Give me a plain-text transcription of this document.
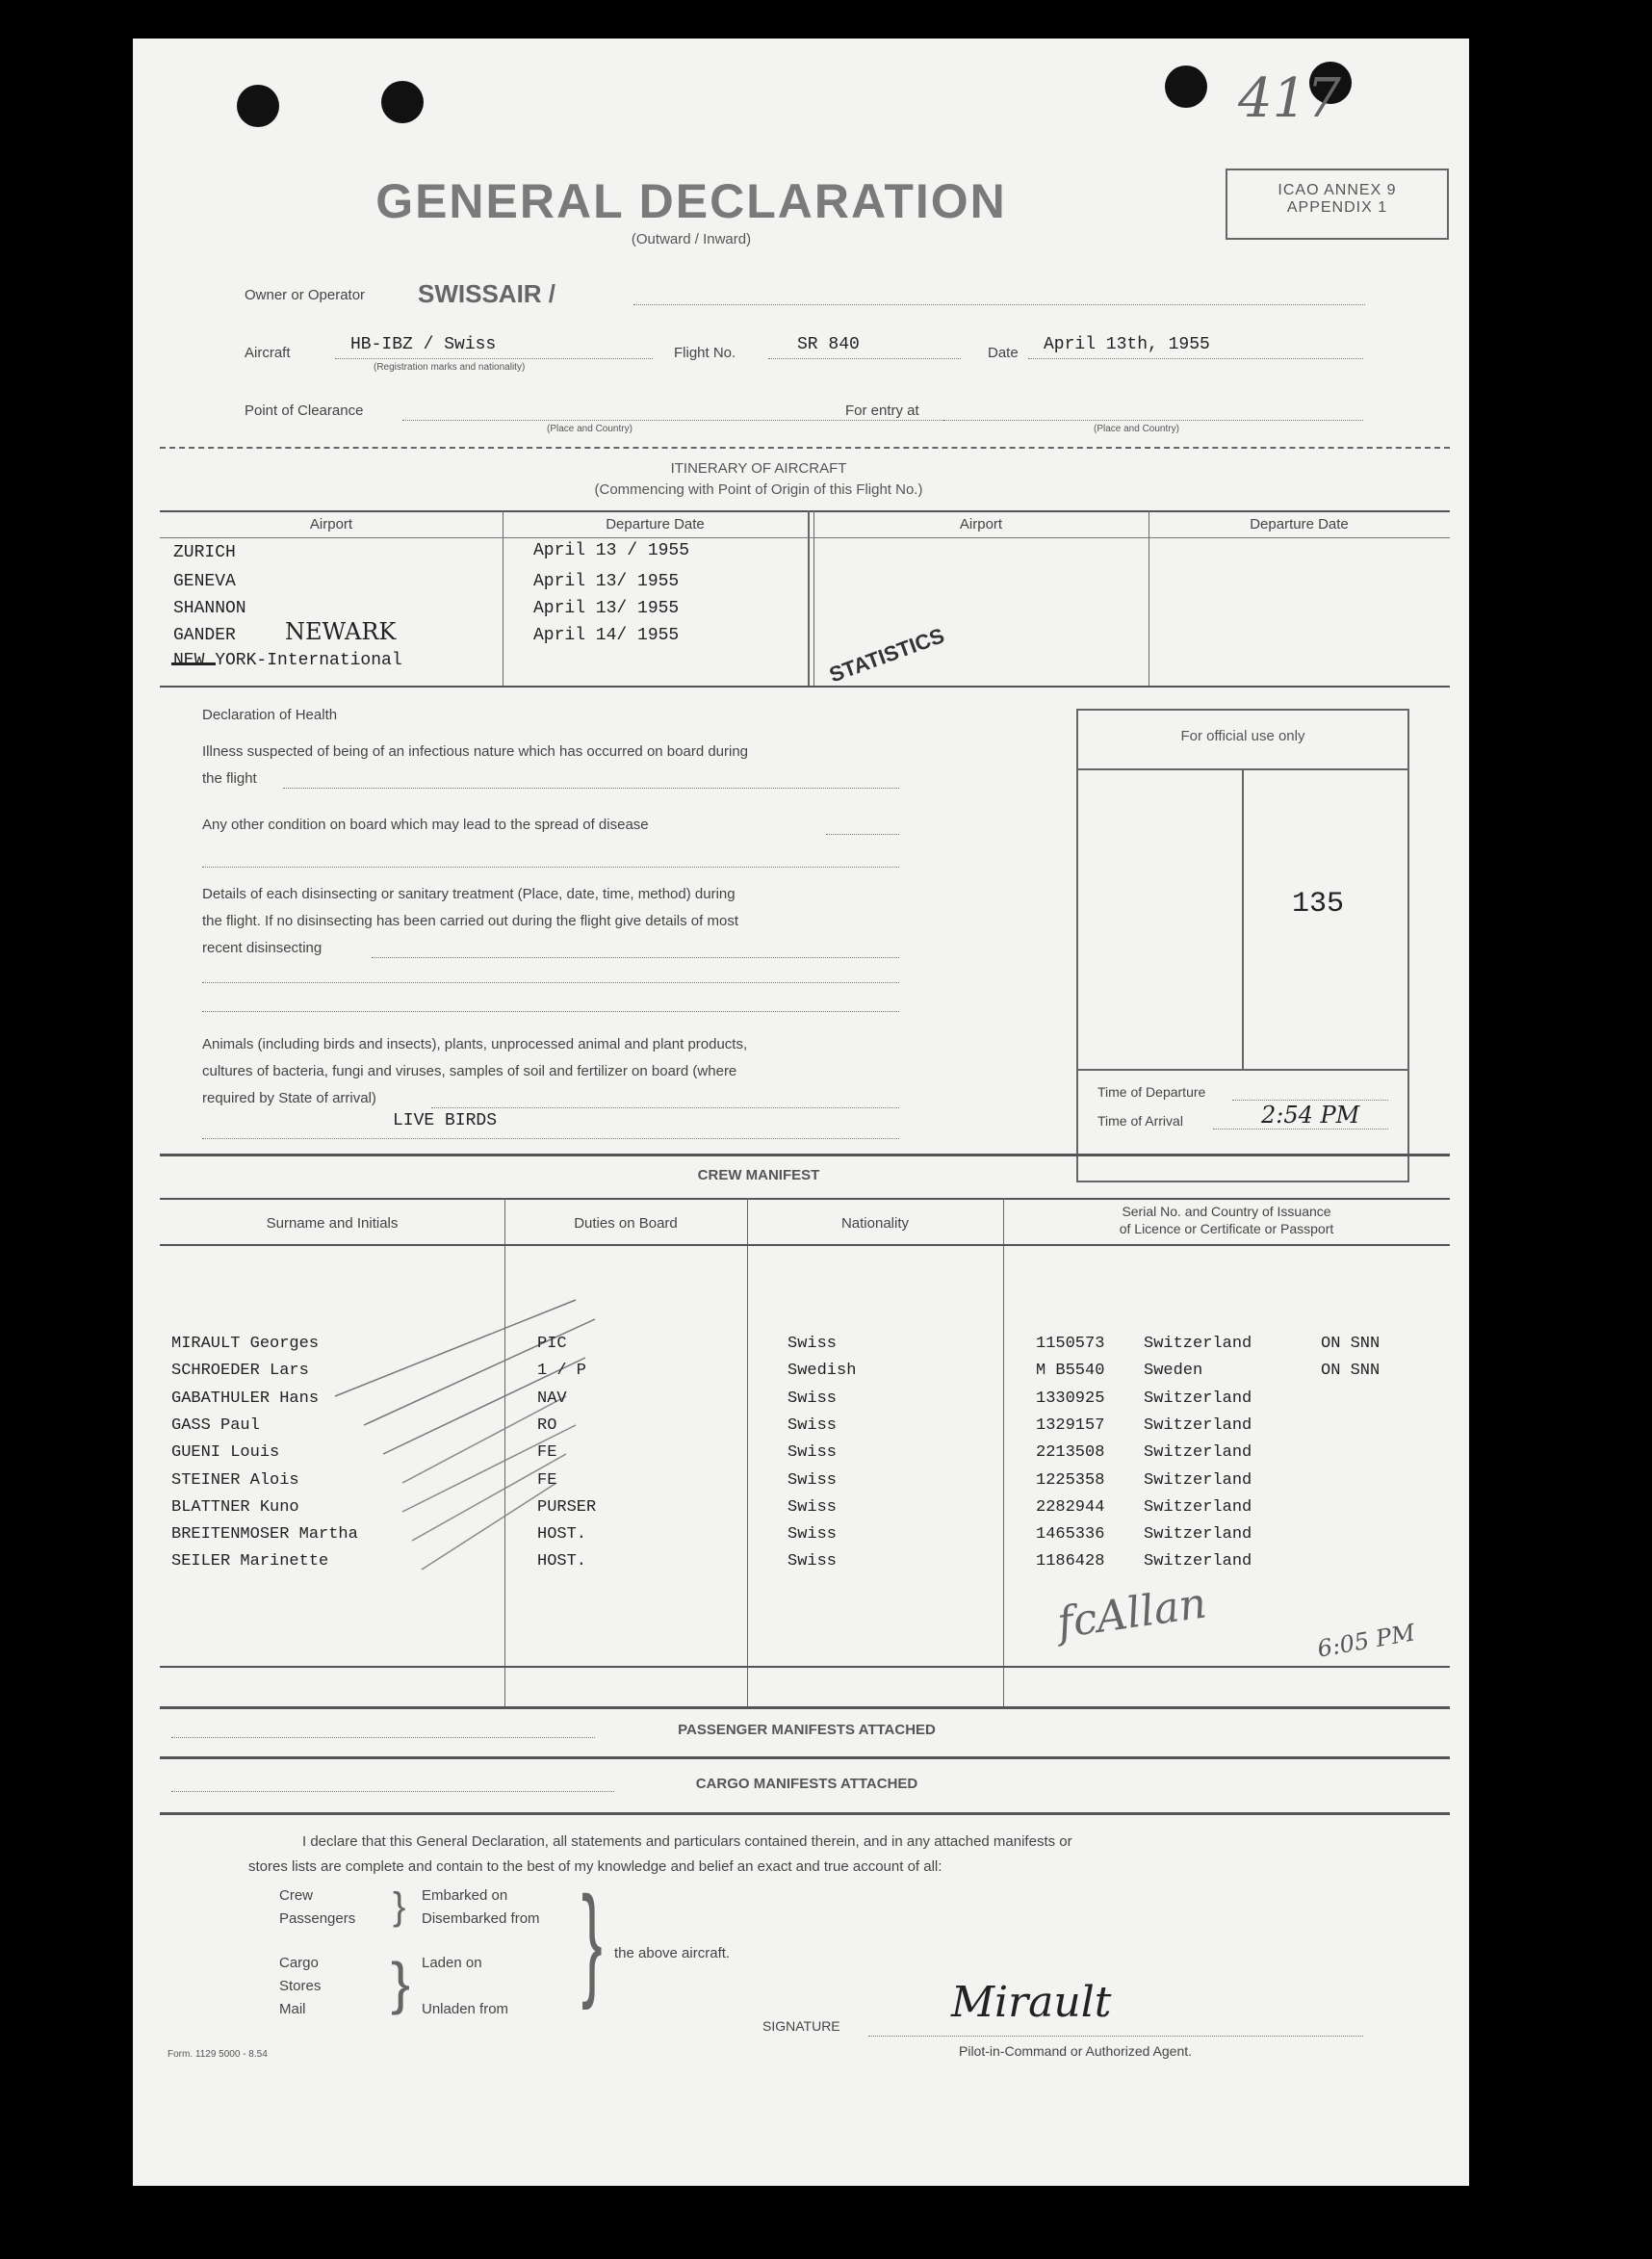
417
GENERAL DECLARATION
(Outward / Inward)
ICAO ANNEX 9
APPENDIX 1
Owner or Operator SWISSAIR /
Aircraft	HB-IBZ / Swiss
(Registration marks and nationality)
Flight No.	SR 840	Date April 13th, 1955
Point of Clearance
(Place and Country)
For entry at
(Place and Country)
ITINERARY OF AIRCRAFT
(Commencing with Point of Origin of this Flight No.)
Airport	Departure Date	Airport	Departure Date
ZURICH	April 13 / 1955
GENEVA	April 13/ 1955
SHANNON	April 13/ 1955
GANDER	April 14/ 1955
NEW YORK-International
NEWARK	STATISTICS
Declaration of Health
Illness suspected of being of an infectious nature which has occurred on board during
the flight
Any other condition on board which may lead to the spread of disease
Details of each disinsecting or sanitary treatment (Place, date, time, method) during
the flight. If no disinsecting has been carried out during the flight give details of most
recent disinsecting
Animals (including birds and insects), plants, unprocessed animal and plant products,
cultures of bacteria, fungi and viruses, samples of soil and fertilizer on board (where
required by State of arrival)
LIVE BIRDS
For official use only
135
Time of Departure
Time of Arrival	2:54 PM
CREW MANIFEST
Surname and Initials	Duties on Board	Nationality
Serial No. and Country of Issuance
of Licence or Certificate or Passport
MIRAULT Georges	PIC	Swiss	1150573 Switzerland	ON SNN
SCHROEDER Lars	1 / P	Swedish	M B5540 Sweden	ON SNN
GABATHULER Hans	NAV	Swiss	1330925 Switzerland
GASS Paul	RO	Swiss	1329157 Switzerland
GUENI Louis	FE	Swiss	2213508 Switzerland
STEINER Alois	FE	Swiss	1225358 Switzerland
BLATTNER Kuno	PURSER	Swiss	2282944 Switzerland
BREITENMOSER Martha	HOST.	Swiss	1465336 Switzerland
SEILER Marinette	HOST.	Swiss	1186428 Switzerland
fcAllan	6:05 PM
PASSENGER MANIFESTS ATTACHED
CARGO MANIFESTS ATTACHED
I declare that this General Declaration, all statements and particulars contained therein, and in any attached manifests or
stores lists are complete and contain to the best of my knowledge and belief an exact and true account of all:
Crew
Passengers } Embarked on
Disembarked from
Cargo
Stores
Mail } Laden on
Unladen from } the above aircraft.
SIGNATURE	Mirault
Pilot-in-Command or Authorized Agent.
Form. 1129 5000 - 8.54
